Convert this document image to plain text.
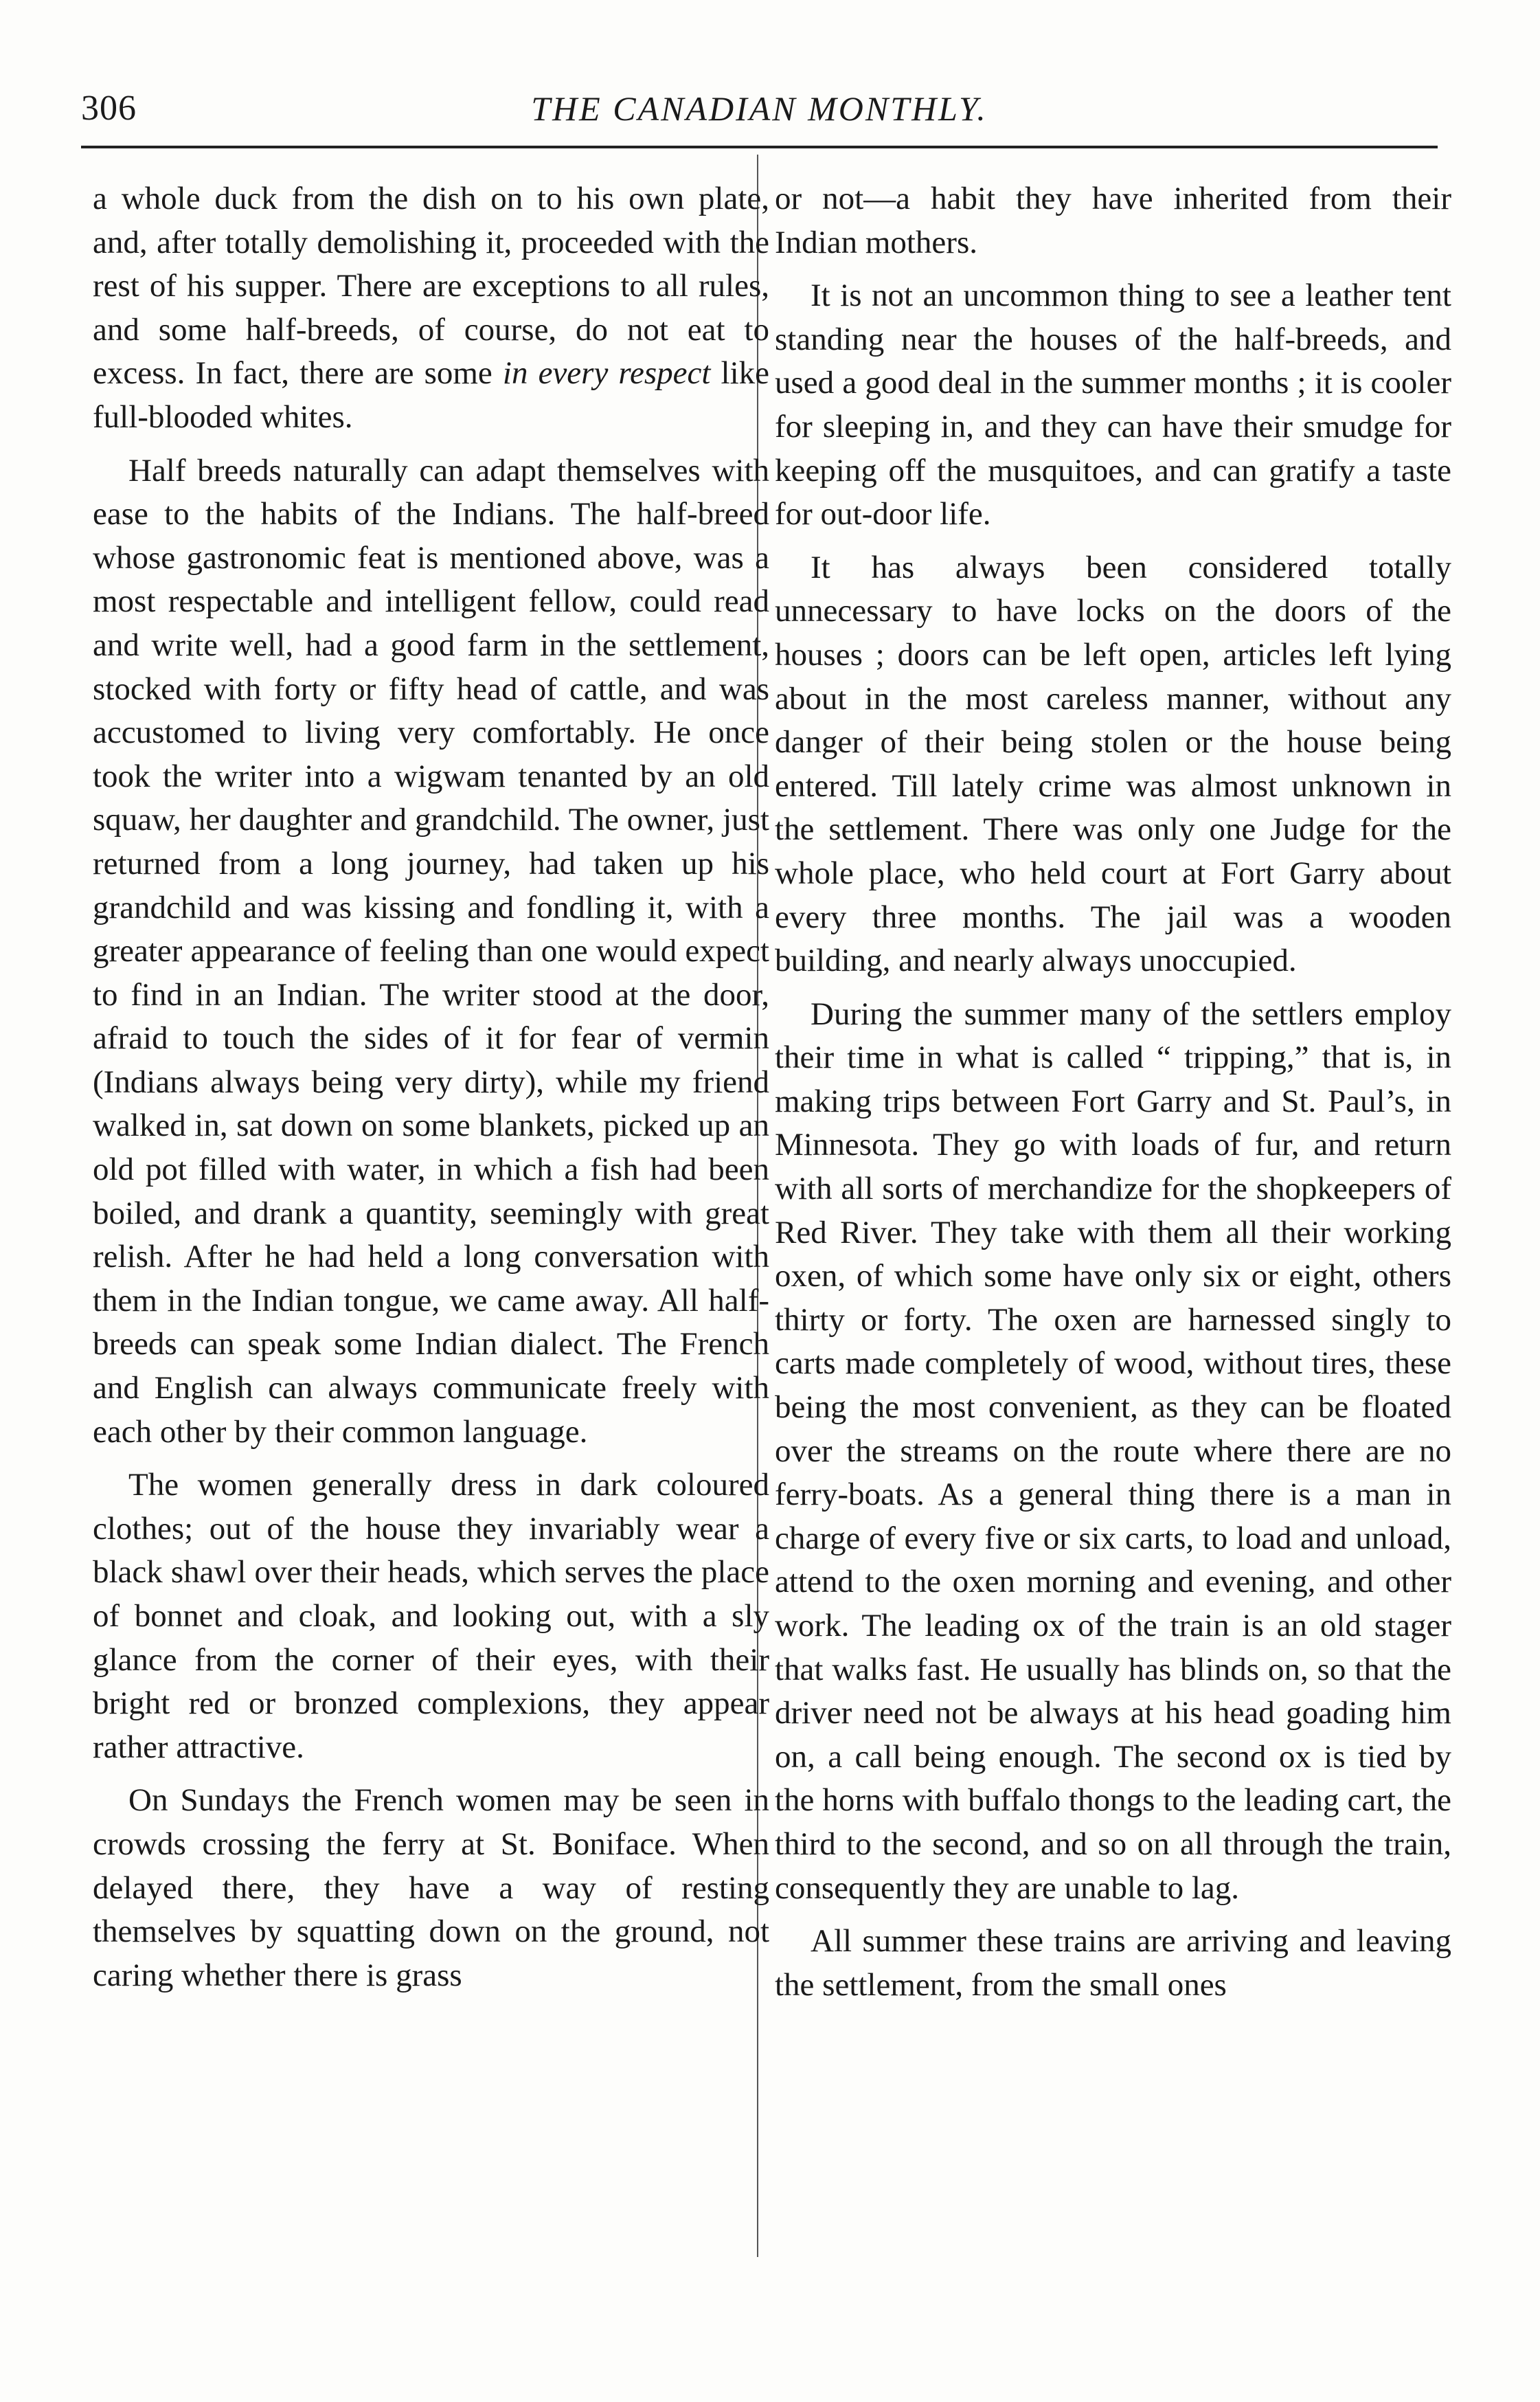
306	THE CANADIAN MONTHLY.

a whole duck from the dish on to his own plate, and, after totally demolishing it, proceeded with the rest of his supper. There are exceptions to all rules, and some half-breeds, of course, do not eat to excess. In fact, there are some in every respect like full-blooded whites.

Half breeds naturally can adapt themselves with ease to the habits of the Indians. The half-breed whose gastronomic feat is mentioned above, was a most respectable and intelligent fellow, could read and write well, had a good farm in the settlement, stocked with forty or fifty head of cattle, and was accustomed to living very comfortably. He once took the writer into a wigwam tenanted by an old squaw, her daughter and grandchild. The owner, just returned from a long journey, had taken up his grandchild and was kissing and fondling it, with a greater appearance of feeling than one would expect to find in an Indian. The writer stood at the door, afraid to touch the sides of it for fear of vermin (Indians always being very dirty), while my friend walked in, sat down on some blankets, picked up an old pot filled with water, in which a fish had been boiled, and drank a quantity, seemingly with great relish. After he had held a long conversation with them in the Indian tongue, we came away. All half-breeds can speak some Indian dialect. The French and English can always communicate freely with each other by their common language.

The women generally dress in dark coloured clothes; out of the house they invariably wear a black shawl over their heads, which serves the place of bonnet and cloak, and looking out, with a sly glance from the corner of their eyes, with their bright red or bronzed complexions, they appear rather attractive.

On Sundays the French women may be seen in crowds crossing the ferry at St. Boniface. When delayed there, they have a way of resting themselves by squatting down on the ground, not caring whether there is grass

or not—a habit they have inherited from their Indian mothers.

It is not an uncommon thing to see a leather tent standing near the houses of the half-breeds, and used a good deal in the summer months ; it is cooler for sleeping in, and they can have their smudge for keeping off the musquitoes, and can gratify a taste for out-door life.

It has always been considered totally unnecessary to have locks on the doors of the houses ; doors can be left open, articles left lying about in the most careless manner, without any danger of their being stolen or the house being entered. Till lately crime was almost unknown in the settlement. There was only one Judge for the whole place, who held court at Fort Garry about every three months. The jail was a wooden building, and nearly always unoccupied.

During the summer many of the settlers employ their time in what is called “ tripping,” that is, in making trips between Fort Garry and St. Paul’s, in Minnesota. They go with loads of fur, and return with all sorts of merchandize for the shopkeepers of Red River. They take with them all their working oxen, of which some have only six or eight, others thirty or forty. The oxen are harnessed singly to carts made completely of wood, without tires, these being the most convenient, as they can be floated over the streams on the route where there are no ferry-boats. As a general thing there is a man in charge of every five or six carts, to load and unload, attend to the oxen morning and evening, and other work. The leading ox of the train is an old stager that walks fast. He usually has blinds on, so that the driver need not be always at his head goading him on, a call being enough. The second ox is tied by the horns with buffalo thongs to the leading cart, the third to the second, and so on all through the train, consequently they are unable to lag.

All summer these trains are arriving and leaving the settlement, from the small ones
